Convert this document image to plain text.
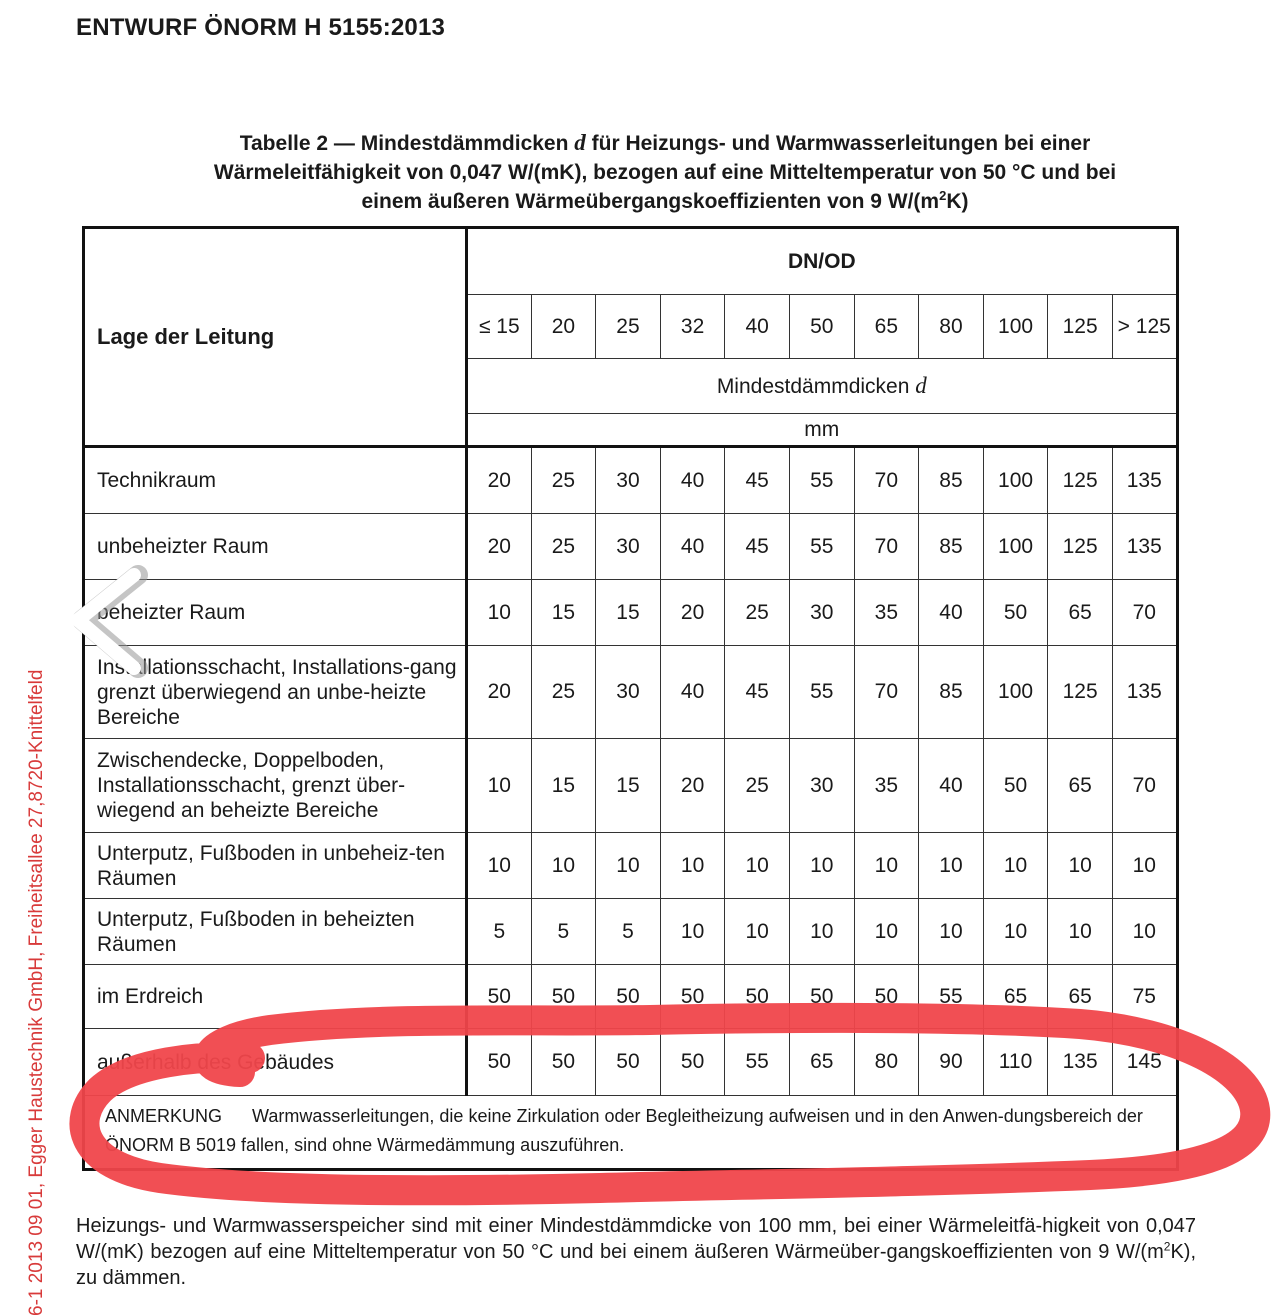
ENTWURF ÖNORM H 5155:2013
Tabelle 2 — Mindestdämmdicken d für Heizungs- und Warmwasserleitungen bei einer
Wärmeleitfähigkeit von 0,047 W/(mK), bezogen auf eine Mitteltemperatur von 50 °C und bei
einem äußeren Wärmeübergangskoeffizienten von 9 $W/(m^2K)$
Lage der Leitung	DN/OD										
	≤ 15	20	25	32	40	50	65	80	100	125	> 125
	Mindestdämmdicken d										
	mm										
Technikraum	20	25	30	40	45	55	70	85	100	125	135
unbeheizter Raum	20	25	30	40	45	55	70	85	100	125	135
beheizter Raum	10	15	15	20	25	30	35	40	50	65	70
Installationsschacht, Installations-gang grenzt überwiegend an unbe-heizte Bereiche	20	25	30	40	45	55	70	85	100	125	135
Zwischendecke, Doppelboden, Installationsschacht, grenzt über-wiegend an beheizte Bereiche	10	15	15	20	25	30	35	40	50	65	70
Unterputz, Fußboden in unbeheiz-ten Räumen	10	10	10	10	10	10	10	10	10	10	10
Unterputz, Fußboden in beheizten Räumen	5	5	5	10	10	10	10	10	10	10	10
im Erdreich	50	50	50	50	50	50	50	55	65	65	75
außerhalb des Gebäudes	50	50	50	50	55	65	80	90	110	135	145
ANMERKUNG Warmwasserleitungen, die keine Zirkulation oder Begleitheizung aufweisen und in den Anwen-dungsbereich der ÖNORM B 5019 fallen, sind ohne Wärmedämmung auszuführen.											
Heizungs- und Warmwasserspeicher sind mit einer Mindestdämmdicke von 100 mm, bei einer Wärmeleitfä-higkeit von 0,047 W/(mK) bezogen auf eine Mitteltemperatur von 50 °C und bei einem äußeren Wärmeüber-gangskoeffizienten von 9 $W/(m^2K)$, zu dämmen.
6-1 2013 09 01, Egger Haustechnik GmbH, Freiheitsallee 27,8720-Knittelfeld
